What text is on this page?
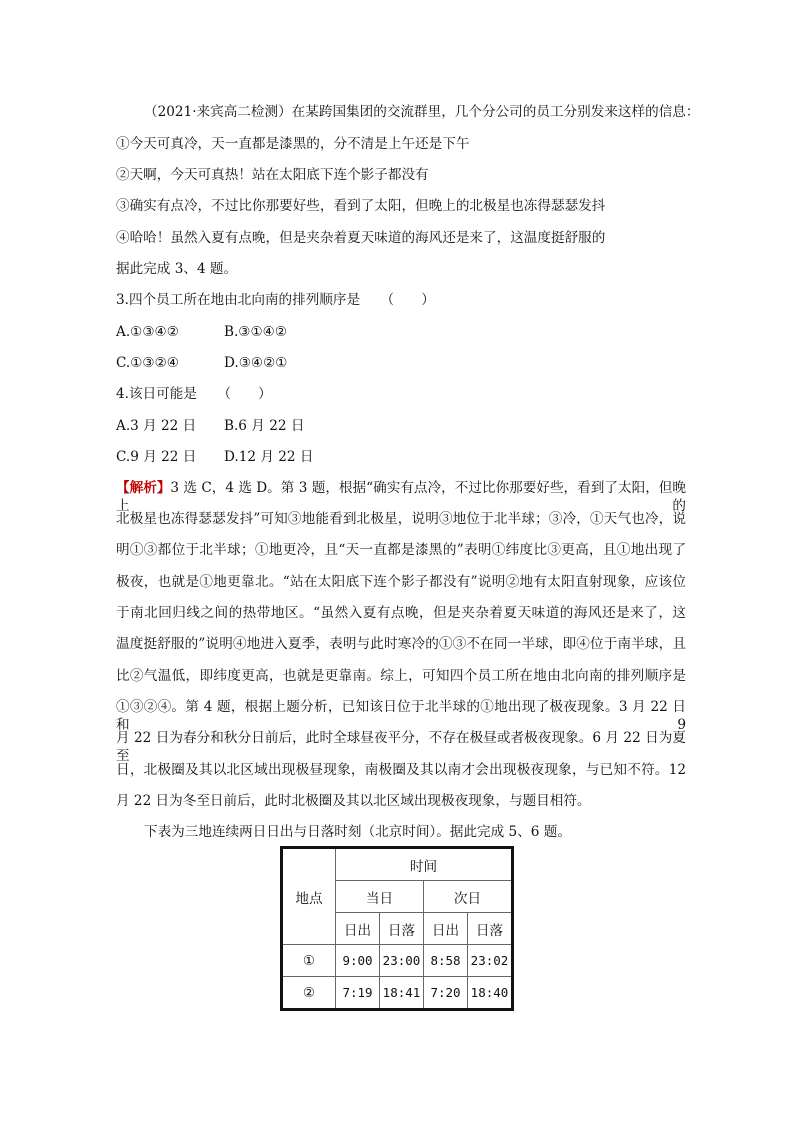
（2021·来宾高二检测）在某跨国集团的交流群里，几个分公司的员工分别发来这样的信息：
①今天可真冷，天一直都是漆黑的，分不清是上午还是下午
②天啊，今天可真热！站在太阳底下连个影子都没有
③确实有点冷，不过比你那要好些，看到了太阳，但晚上的北极星也冻得瑟瑟发抖
④哈哈！虽然入夏有点晚，但是夹杂着夏天味道的海风还是来了，这温度挺舒服的
据此完成 3、4 题。
3.四个员工所在地由北向南的排列顺序是　　（　　）
A.①③④②	B.③①④②
C.①③②④	D.③④②①
4.该日可能是　　（　　）
A.3 月 22 日 B.6 月 22 日
C.9 月 22 日 D.12 月 22 日
【解析】3 选 C，4 选 D。第 3 题，根据“确实有点冷，不过比你那要好些，看到了太阳，但晚上的
北极星也冻得瑟瑟发抖”可知③地能看到北极星，说明③地位于北半球；③冷，①天气也冷，说
明①③都位于北半球；①地更冷，且“天一直都是漆黑的”表明①纬度比③更高，且①地出现了
极夜，也就是①地更靠北。“站在太阳底下连个影子都没有”说明②地有太阳直射现象，应该位
于南北回归线之间的热带地区。“虽然入夏有点晚，但是夹杂着夏天味道的海风还是来了，这
温度挺舒服的”说明④地进入夏季，表明与此时寒冷的①③不在同一半球，即④位于南半球，且
比②气温低，即纬度更高，也就是更靠南。综上，可知四个员工所在地由北向南的排列顺序是
①③②④。第 4 题，根据上题分析，已知该日位于北半球的①地出现了极夜现象。3 月 22 日和 9
月 22 日为春分和秋分日前后，此时全球昼夜平分，不存在极昼或者极夜现象。6 月 22 日为夏至
日，北极圈及其以北区域出现极昼现象，南极圈及其以南才会出现极夜现象，与已知不符。12
月 22 日为冬至日前后，此时北极圈及其以北区域出现极夜现象，与题目相符。
下表为三地连续两日日出与日落时刻（北京时间）。据此完成 5、6 题。
地点	时间			
	当日		次日	
	日出	日落	日出	日落
①	9:00	23:00	8:58	23:02
②	7:19	18:41	7:20	18:40
